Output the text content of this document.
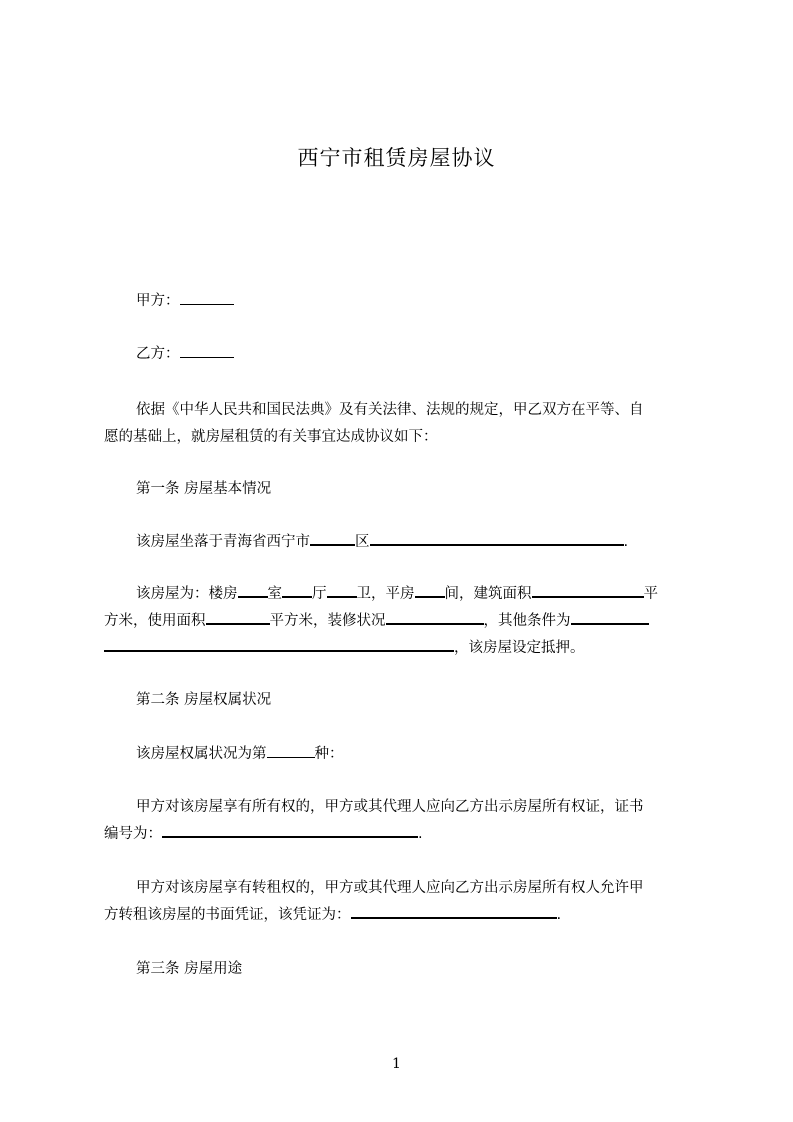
西宁市租赁房屋协议
甲方：
乙方：
依据《中华人民共和国民法典》及有关法律、法规的规定，甲乙双方在平等、自
愿的基础上，就房屋租赁的有关事宜达成协议如下：
第一条 房屋基本情况
该房屋坐落于青海省西宁市	区	.
该房屋为：楼房 室 厅 卫，平房 间，建筑面积	平
方米，使用面积	平方米，装修状况	，其他条件为
，该房屋设定抵押。
第二条 房屋权属状况
该房屋权属状况为第	种：
甲方对该房屋享有所有权的，甲方或其代理人应向乙方出示房屋所有权证，证书
编号为：	.
甲方对该房屋享有转租权的，甲方或其代理人应向乙方出示房屋所有权人允许甲
方转租该房屋的书面凭证，该凭证为：	.
第三条 房屋用途
1
